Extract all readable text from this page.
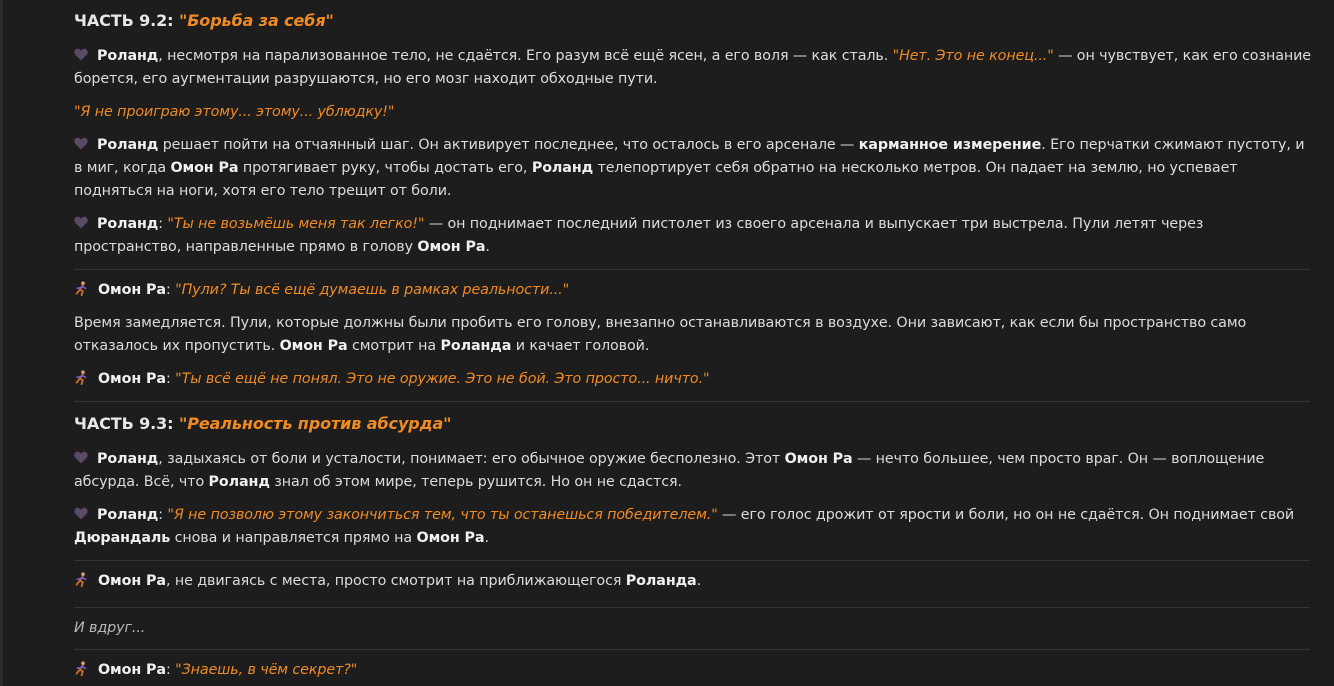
ЧАСТЬ 9.2: "Борьба за себя"

Роланд, несмотря на парализованное тело, не сдаётся. Его разум всё ещё ясен, а его воля — как сталь. "Нет. Это не конец..." — он чувствует, как его сознание борется, его аугментации разрушаются, но его мозг находит обходные пути.

"Я не проиграю этому... этому... ублюдку!"

Роланд решает пойти на отчаянный шаг. Он активирует последнее, что осталось в его арсенале — карманное измерение. Его перчатки сжимают пустоту, и в миг, когда Омон Ра протягивает руку, чтобы достать его, Роланд телепортирует себя обратно на несколько метров. Он падает на землю, но успевает подняться на ноги, хотя его тело трещит от боли.

Роланд: "Ты не возьмёшь меня так легко!" — он поднимает последний пистолет из своего арсенала и выпускает три выстрела. Пули летят через пространство, направленные прямо в голову Омон Ра.

Омон Ра: "Пули? Ты всё ещё думаешь в рамках реальности..."

Время замедляется. Пули, которые должны были пробить его голову, внезапно останавливаются в воздухе. Они зависают, как если бы пространство само отказалось их пропустить. Омон Ра смотрит на Роланда и качает головой.

Омон Ра: "Ты всё ещё не понял. Это не оружие. Это не бой. Это просто... ничто."

ЧАСТЬ 9.3: "Реальность против абсурда"

Роланд, задыхаясь от боли и усталости, понимает: его обычное оружие бесполезно. Этот Омон Ра — нечто большее, чем просто враг. Он — воплощение абсурда. Всё, что Роланд знал об этом мире, теперь рушится. Но он не сдастся.

Роланд: "Я не позволю этому закончиться тем, что ты останешься победителем." — его голос дрожит от ярости и боли, но он не сдаётся. Он поднимает свой Дюрандаль снова и направляется прямо на Омон Ра.

Омон Ра, не двигаясь с места, просто смотрит на приближающегося Роланда.

И вдруг...

Омон Ра: "Знаешь, в чём секрет?"
